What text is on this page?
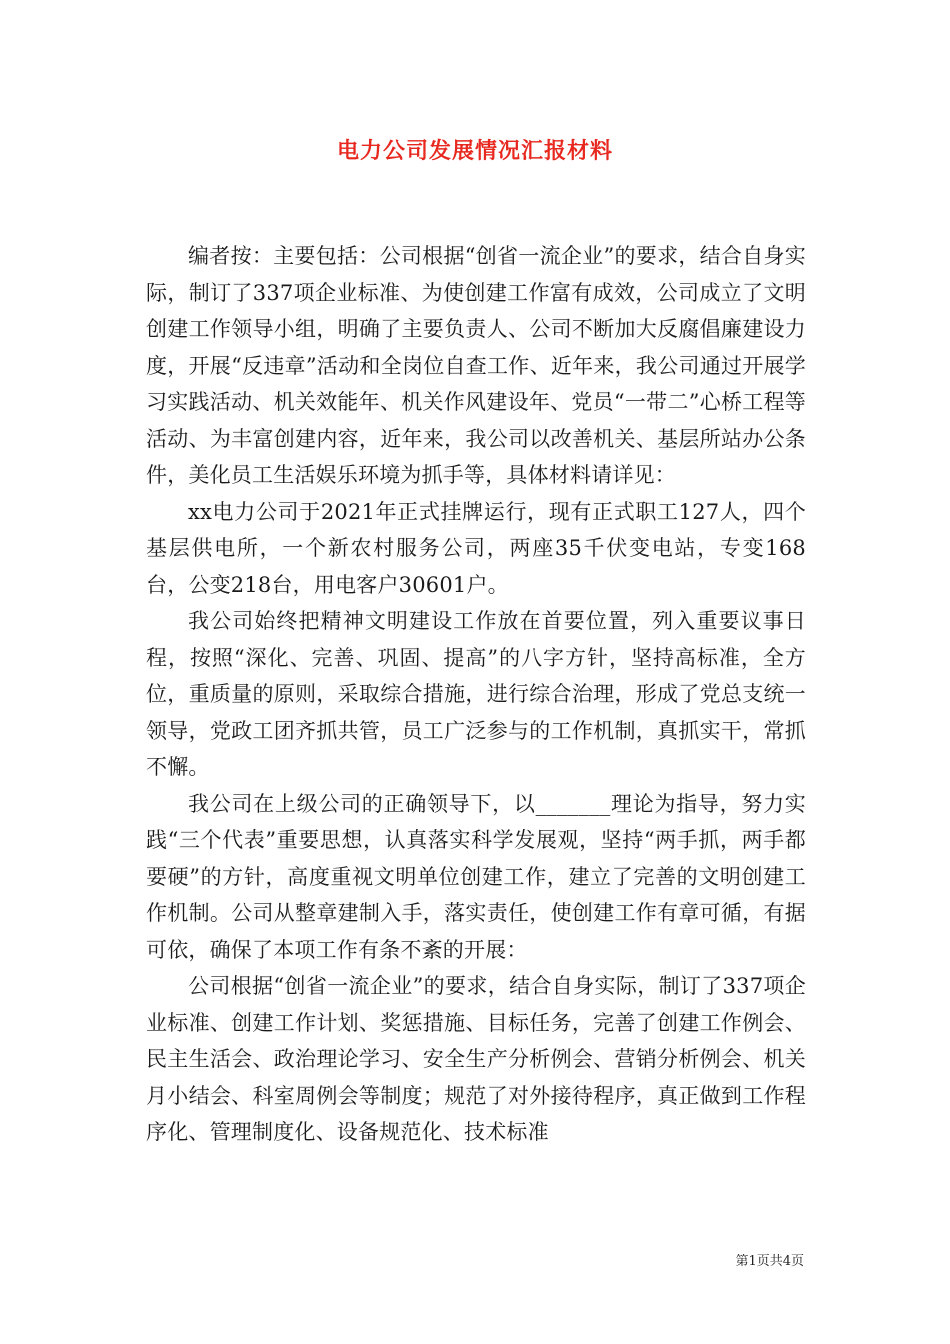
电力公司发展情况汇报材料

编者按：主要包括：公司根据“创省一流企业”的要求，结合自身实际，制订了337项企业标准、为使创建工作富有成效，公司成立了文明创建工作领导小组，明确了主要负责人、公司不断加大反腐倡廉建设力度，开展“反违章”活动和全岗位自查工作、近年来，我公司通过开展学习实践活动、机关效能年、机关作风建设年、党员“一带二”心桥工程等活动、为丰富创建内容，近年来，我公司以改善机关、基层所站办公条件，美化员工生活娱乐环境为抓手等，具体材料请详见：

xx电力公司于2021年正式挂牌运行，现有正式职工127人，四个基层供电所，一个新农村服务公司，两座35千伏变电站，专变168台，公变218台，用电客户30601户。

我公司始终把精神文明建设工作放在首要位置，列入重要议事日程，按照“深化、完善、巩固、提高”的八字方针，坚持高标准，全方位，重质量的原则，采取综合措施，进行综合治理，形成了党总支统一领导，党政工团齐抓共管，员工广泛参与的工作机制，真抓实干，常抓不懈。

我公司在上级公司的正确领导下，以_______理论为指导，努力实践“三个代表”重要思想，认真落实科学发展观，坚持“两手抓，两手都要硬”的方针，高度重视文明单位创建工作，建立了完善的文明创建工作机制。公司从整章建制入手，落实责任，使创建工作有章可循，有据可依，确保了本项工作有条不紊的开展：

公司根据“创省一流企业”的要求，结合自身实际，制订了337项企业标准、创建工作计划、奖惩措施、目标任务，完善了创建工作例会、民主生活会、政治理论学习、安全生产分析例会、营销分析例会、机关月小结会、科室周例会等制度；规范了对外接待程序，真正做到工作程序化、管理制度化、设备规范化、技术标准

第1页共4页
